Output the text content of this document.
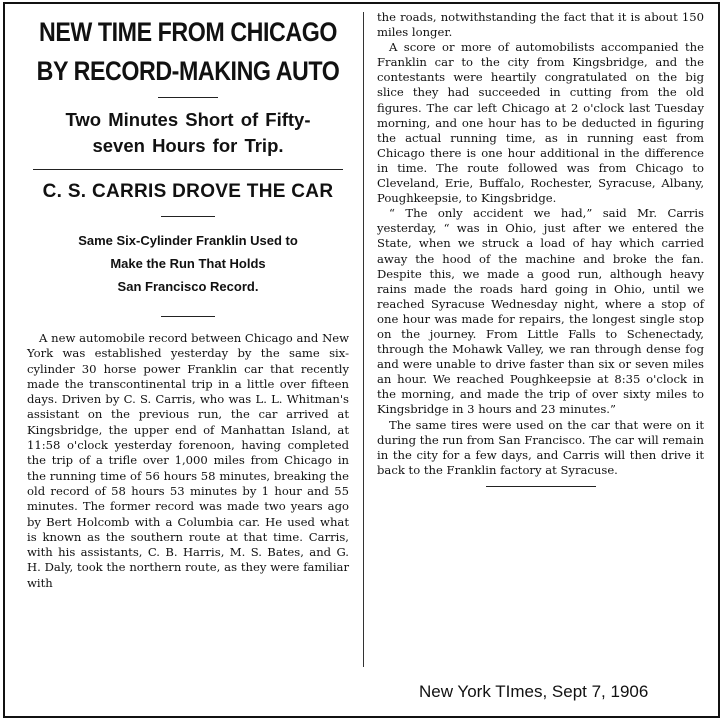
NEW TIME FROM CHICAGO
BY RECORD-MAKING AUTO
Two Minutes Short of Fifty-
seven Hours for Trip.
C. S. CARRIS DROVE THE CAR
Same Six-Cylinder Franklin Used to
Make the Run That Holds
San Francisco Record.

A new automobile record between Chicago and New York was established yesterday by the same six-cylinder 30 horse power Franklin car that recently made the transcontinental trip in a little over fifteen days. Driven by C. S. Carris, who was L. L. Whitman's assistant on the previous run, the car arrived at Kingsbridge, the upper end of Manhattan Island, at 11:58 o'clock yesterday forenoon, having completed the trip of a trifle over 1,000 miles from Chicago in the running time of 56 hours 58 minutes, breaking the old record of 58 hours 53 minutes by 1 hour and 55 minutes. The former record was made two years ago by Bert Holcomb with a Columbia car. He used what is known as the southern route at that time. Carris, with his assistants, C. B. Harris, M. S. Bates, and G. H. Daly, took the northern route, as they were familiar with

the roads, notwithstanding the fact that it is about 150 miles longer.

A score or more of automobilists accompanied the Franklin car to the city from Kingsbridge, and the contestants were heartily congratulated on the big slice they had succeeded in cutting from the old figures. The car left Chicago at 2 o'clock last Tuesday morning, and one hour has to be deducted in figuring the actual running time, as in running east from Chicago there is one hour additional in the difference in time. The route followed was from Chicago to Cleveland, Erie, Buffalo, Rochester, Syracuse, Albany, Poughkeepsie, to Kingsbridge.

“ The only accident we had,” said Mr. Carris yesterday, “ was in Ohio, just after we entered the State, when we struck a load of hay which carried away the hood of the machine and broke the fan. Despite this, we made a good run, although heavy rains made the roads hard going in Ohio, until we reached Syracuse Wednesday night, where a stop of one hour was made for repairs, the longest single stop on the journey. From Little Falls to Schenectady, through the Mohawk Valley, we ran through dense fog and were unable to drive faster than six or seven miles an hour. We reached Poughkeepsie at 8:35 o'clock in the morning, and made the trip of over sixty miles to Kingsbridge in 3 hours and 23 minutes.”

The same tires were used on the car that were on it during the run from San Francisco. The car will remain in the city for a few days, and Carris will then drive it back to the Franklin factory at Syracuse.

New York TImes, Sept 7, 1906
